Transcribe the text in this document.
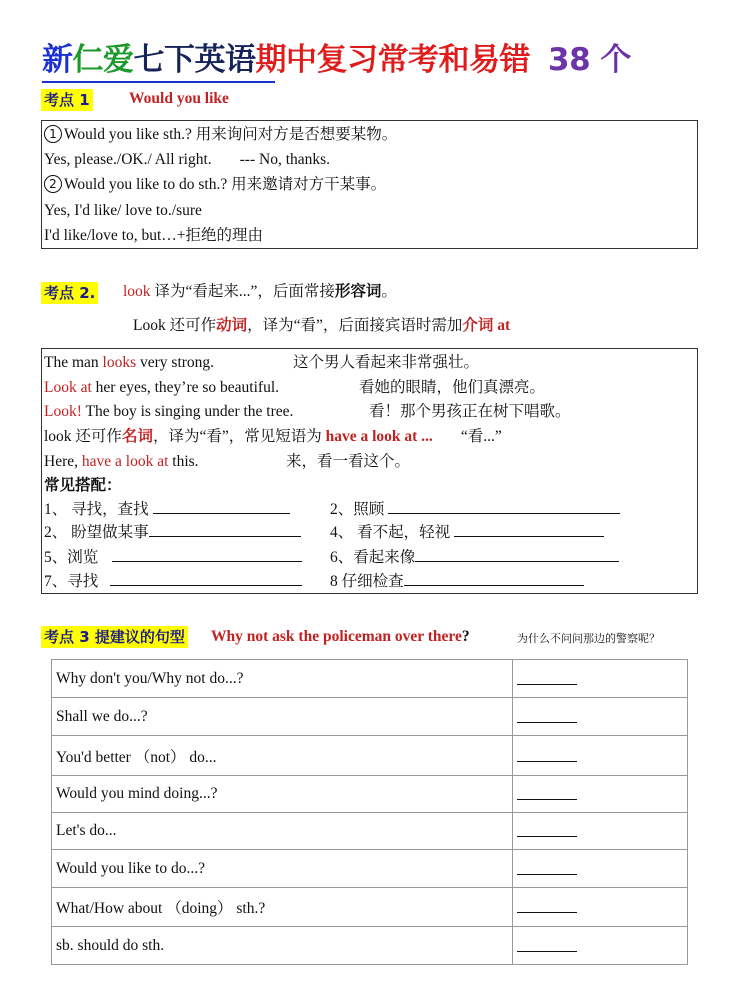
新仁爱七下英语期中复习常考和易错 38 个
考点 1	Would you like
1 Would you like sth.? 用来询问对方是否想要某物。
Yes, please./OK./ All right. --- No, thanks.
2 Would you like to do sth.? 用来邀请对方干某事。
Yes, I'd like/ love to./sure
I'd like/love to, but…+拒绝的理由
考点 2. look 译为“看起来...”，后面常接形容词。
Look 还可作动词，译为“看”，后面接宾语时需加介词 at
The man looks very strong.	这个男人看起来非常强壮。
Look at her eyes, they’re so beautiful.	看她的眼睛，他们真漂亮。
Look! The boy is singing under the tree.	看！那个男孩正在树下唱歌。
look 还可作名词，译为“看”，常见短语为 have a look at ... “看...”
Here, have a look at this.	来，看一看这个。
常见搭配：
1、 寻找，查找	2、照顾
2、 盼望做某事	4、 看不起，轻视
5、浏览	6、看起来像
7、寻找	8 仔细检查
考点 3 提建议的句型 Why not ask the policeman over there?	为什么不问问那边的警察呢？
Why don't you/Why not do...?	
Shall we do...?	
You'd better （not） do...	
Would you mind doing...?	
Let's do...	
Would you like to do...?	
What/How about （doing） sth.?	
sb. should do sth.	
